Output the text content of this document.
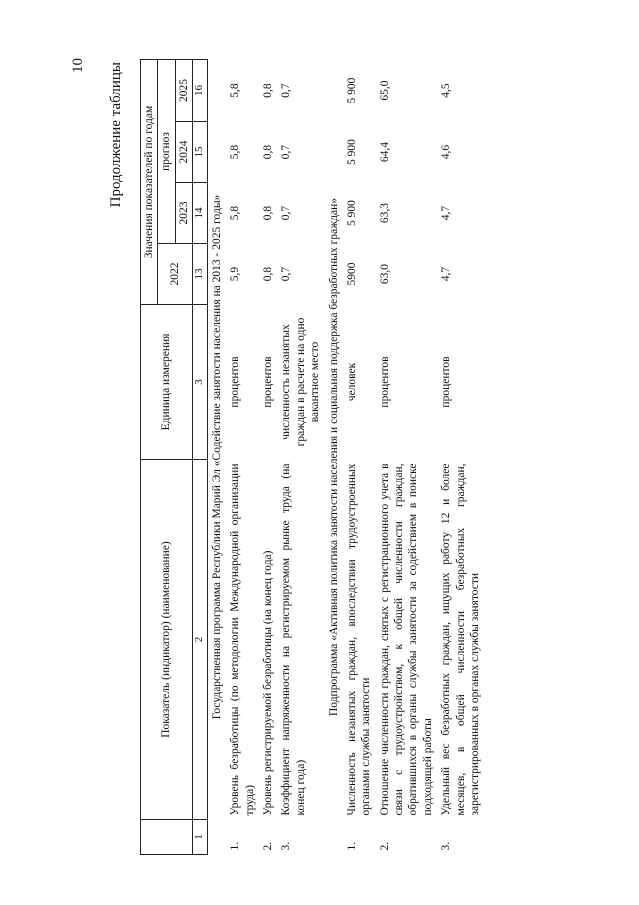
10 Продолжение таблицы
	Показатель (индикатор) (наименование)	Единица измерения	Значения показателей по годам			
			2022	прогноз		
				2023	2024	2025
1	2	3	13	14	15	16
Государственная программа Республики Марий Эл «Содействие занятости населения на 2013 - 2025 годы»						
1.	Уровень безработицы (по методологии Международной организации труда)	процентов	5,9	5,8	5,8	5,8
2.	Уровень регистрируемой безработицы (на конец года)	процентов	0,8	0,8	0,8	0,8
3.	Коэффициент напряженности на регистрируемом рынке труда (на конец года)	численность незанятых граждан в расчете на одно вакантное место	0,7	0,7	0,7	0,7
Подпрограмма «Активная политика занятости населения и социальная поддержка безработных граждан»						
1.	Численность незанятых граждан, впоследствии трудоустроенных органами службы занятости	человек	5900	5 900	5 900	5 900
2.	Отношение численности граждан, снятых с регистрационного учета в связи с трудоустройством, к общей численности граждан, обратившихся в органы службы занятости за содействием в поиске подходящей работы	процентов	63,0	63,3	64,4	65,0
3.	Удельный вес безработных граждан, ищущих работу 12 и более месяцев, в общей численности безработных граждан, зарегистрированных в органах службы занятости	процентов	4,7	4,7	4,6	4,5
